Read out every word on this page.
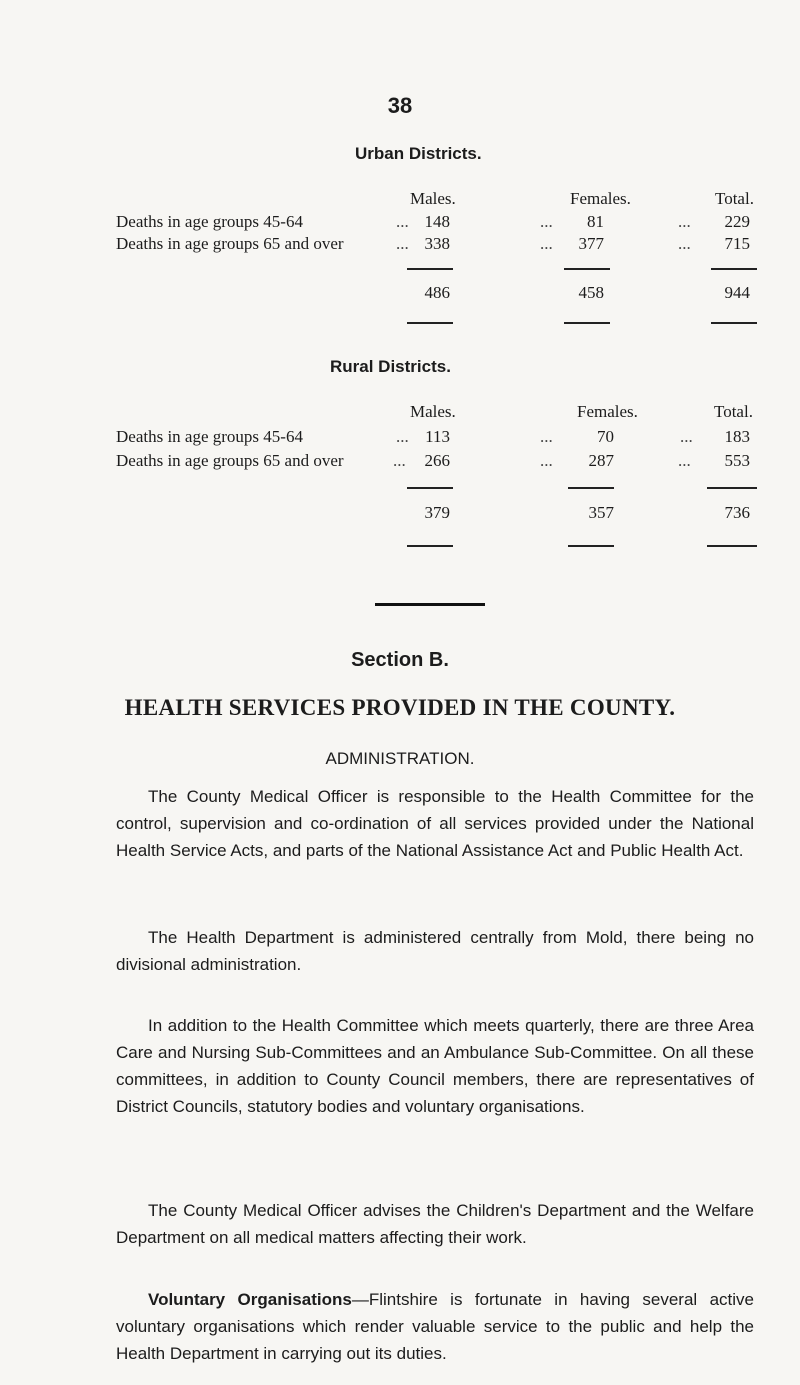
38
Urban Districts.
Males.	Females.	Total.
Deaths in age groups 45-64	... 148	...	81	...	229
Deaths in age groups 65 and over	... 338	...	377	...	715
486	458	944
Rural Districts.
Males.	Females.	Total.
Deaths in age groups 45-64	... 113	...	70	...	183
Deaths in age groups 65 and over	...	266	...	287	...	553
379	357	736
Section B.
HEALTH SERVICES PROVIDED IN THE COUNTY.
ADMINISTRATION.

The County Medical Officer is responsible to the Health Committee for the control, supervision and co-ordination of all services provided under the National Health Service Acts, and parts of the National Assistance Act and Public Health Act.

The Health Department is administered centrally from Mold, there being no divisional administration.

In addition to the Health Committee which meets quarterly, there are three Area Care and Nursing Sub-Committees and an Ambulance Sub-Committee. On all these committees, in addition to County Council members, there are representatives of District Councils, statutory bodies and voluntary organisations.

The County Medical Officer advises the Children's Department and the Welfare Department on all medical matters affecting their work.

Voluntary Organisations—Flintshire is fortunate in having several active voluntary organisations which render valuable service to the public and help the Health Department in carrying out its duties.
